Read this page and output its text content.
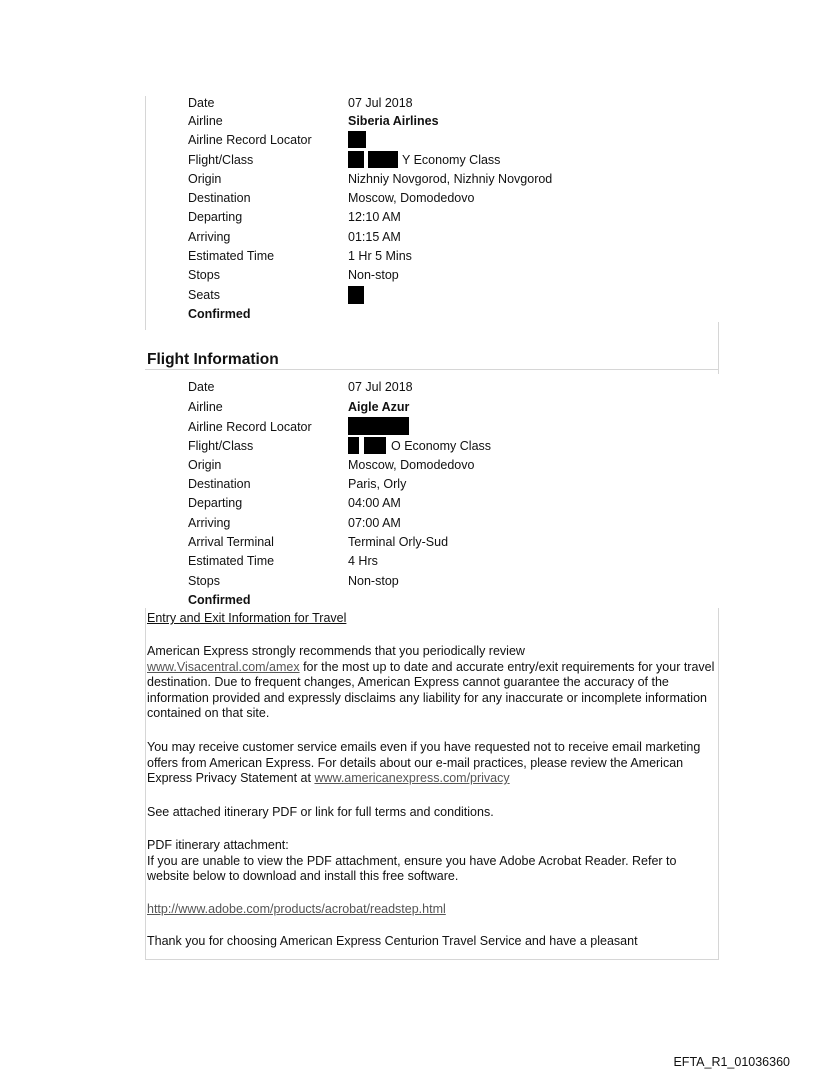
Date	07 Jul 2018
Airline	Siberia Airlines
Airline Record Locator
Flight/Class	Y Economy Class
Origin	Nizhniy Novgorod, Nizhniy Novgorod
Destination	Moscow, Domodedovo
Departing	12:10 AM
Arriving	01:15 AM
Estimated Time	1 Hr 5 Mins
Stops	Non-stop
Seats
Confirmed
Flight Information
Date	07 Jul 2018
Airline	Aigle Azur
Airline Record Locator
Flight/Class	O Economy Class
Origin	Moscow, Domodedovo
Destination	Paris, Orly
Departing	04:00 AM
Arriving	07:00 AM
Arrival Terminal	Terminal Orly-Sud
Estimated Time	4 Hrs
Stops	Non-stop
Confirmed
Entry and Exit Information for Travel

American Express strongly recommends that you periodically review
www.Visacentral.com/amex for the most up to date and accurate entry/exit requirements for your travel destination. Due to frequent changes, American Express cannot guarantee the accuracy of the information provided and expressly disclaims any liability for any inaccurate or incomplete information contained on that site.

You may receive customer service emails even if you have requested not to receive email marketing offers from American Express. For details about our e-mail practices, please review the American Express Privacy Statement at www.americanexpress.com/privacy

See attached itinerary PDF or link for full terms and conditions.

PDF itinerary attachment:

If you are unable to view the PDF attachment, ensure you have Adobe Acrobat Reader. Refer to website below to download and install this free software.

http://www.adobe.com/products/acrobat/readstep.html

Thank you for choosing American Express Centurion Travel Service and have a pleasant

EFTA_R1_01036360
